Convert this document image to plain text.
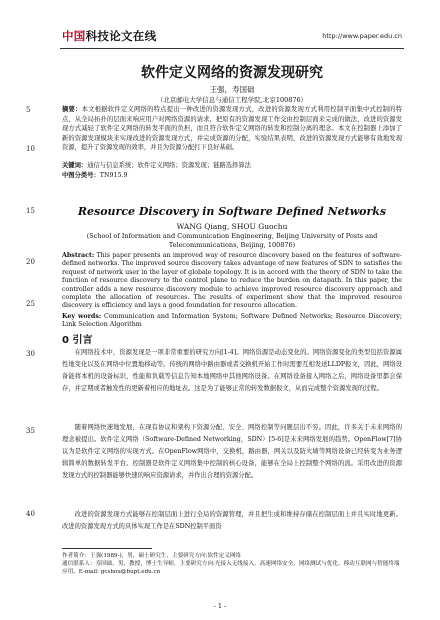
中国科技论文在线	http://www.paper.edu.cn
5
10
15
20
25
30
35
40
软件定义网络的资源发现研究
王强，寿国础
（北京邮电大学信息与通信工程学院,北京100876）
摘要：本文根据软件定义网络的特点提出一种改进的资源发现方式，改进的资源发现方式利用控制平面集中式控制的特点，从全局拓扑的层面来响应用户对网络资源的请求，把原有的资源发现工作交由控制层面来完成的做法，改进的资源发现方式减轻了软件定义网络的转发平面的负担，而且符合软件定义网络的转发和控制分离的理念。本文在控制器上添加了新的资源发现模块来实现改进的资源发现方式，并完成资源的分配，实验结果表明，改进的资源发现方式能够有效地发现资源，提升了资源发现的效率，并且为资源分配打下良好基础。
关键词：通信与信息系统；软件定义网络；资源发现；链路选择算法
中图分类号：TN915.9
Resource Discovery in Software Defined Networks
WANG Qiang, SHOU Guochu
(School of Information and Communication Engineering, Beijing University of Posts and Telecommunications, Beijing, 100876)
Abstract: This paper presents an improved way of resource discovery based on the features of software-defined networks. The improved source discovery takes advantage of new features of SDN to satisfies the request of network user in the layer of globale topology. It is in accord with the theory of SDN to take the function of resource discovery to the control plane to reduce the burden on datapath. In this paper, the controller adds a new resource discovery module to achieve improved resource discovery approach and complete the allocation of resources. The results of experiment show that the improved resource discovery is efficiency and lays a good foundation for resource allocation.
Key words: Communication and Information System; Software Defined Networks; Resource Discovery; Link Selection Algorithm
0 引言
在网络技术中，资源发现是一项非常重要的研究方向[1-4]。网络资源是动态变化的。网络资源变化的类型包括资源属性地变化以及在网络中位置地移动等。传统的网络中路由器或者交换机开始工作时需要互相发送LLDP报文，因此，网络设备能将本机的设备标识、性能和负载等信息告知本地网络中其他网络设备。在网络设备接入网络之后，网络设备里都会保存，并定期或者触发性的更新着相应的地址表。这是为了能够正常的转发数据报文，从而完成整个资源发现的过程。
随着网络快速地发展，在现有协议和架构下资源分配、安全、网络控制等问题层出不穷。因此，许多关于未来网络的理念被提出。软件定义网络（Software-Defined Networking，SDN）[5-6]是未来网络发展的趋势。OpenFlow[7]协议为是软件定义网络的实现方式。在OpenFlow网络中，交换机，路由器，网关以及防火墙等网络设备已经转变为业务逻辑简单的数据转发平台。控制器是软件定义网络集中控制的核心设备，能够在全局上控制整个网络的流。采用改进的资源发现方式的控制器能够快速的响应资源请求，并作出合理的资源分配。
改进的资源发现方式能够在控制层面上进行全局的资源管理，并且把生成和维持存储在控制层面上并且实时地更新。改进的资源发现方式的具体实现工作是在SDN控制平面资
作者简介：王强(1989-)，男，硕士研究生，主要研究方向:软件定义网络
通信联系人：寿国础，男，教授，博士生导师，主要研究方向:光接入无线接入、高速网络安全、网络测试与优化、移动互联网与智能终端应用。E-mail: gcshou@bupt.edu.cn
- 1 -
